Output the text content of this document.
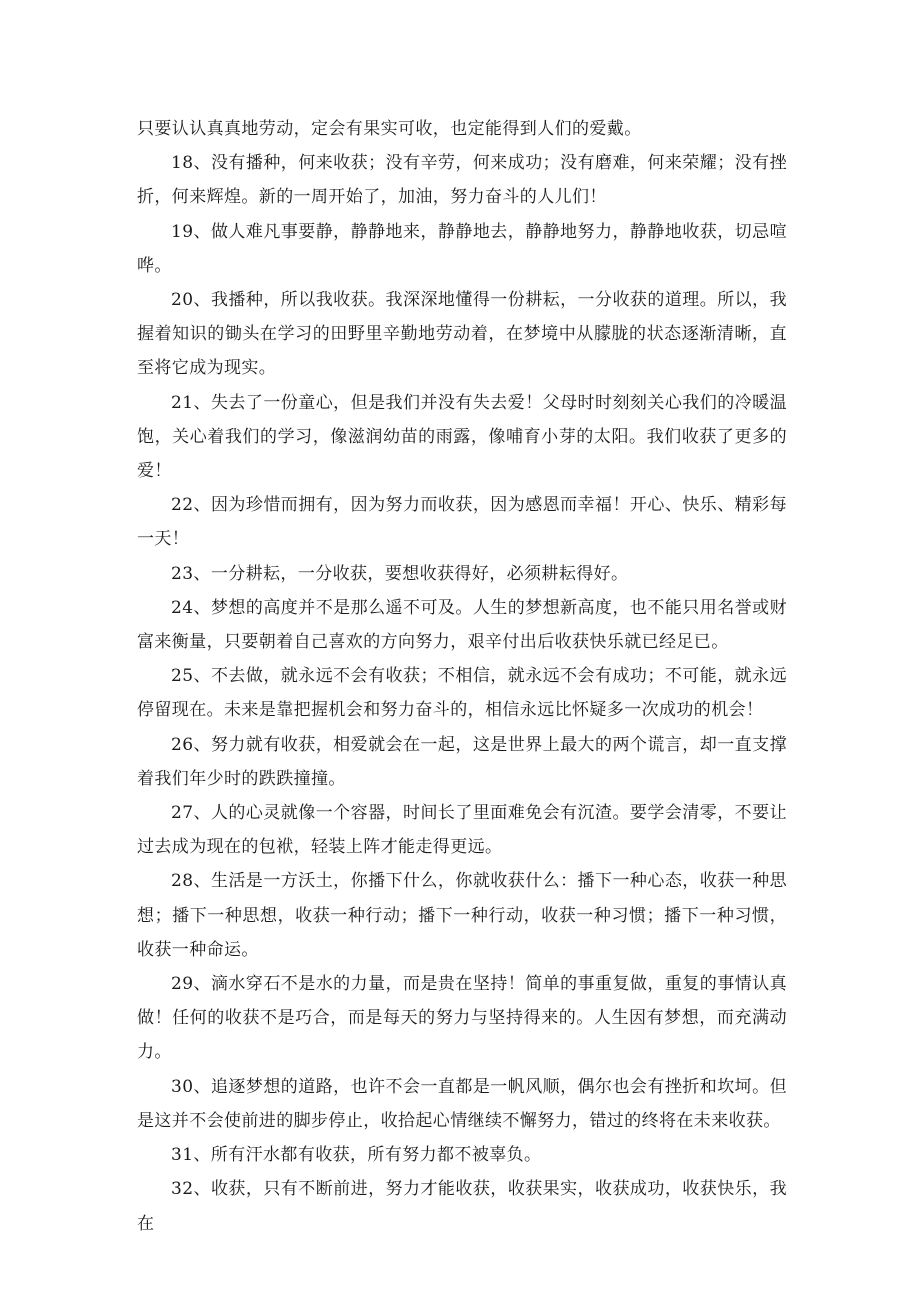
只要认认真真地劳动，定会有果实可收，也定能得到人们的爱戴。

18、没有播种，何来收获；没有辛劳，何来成功；没有磨难，何来荣耀；没有挫折，何来辉煌。新的一周开始了，加油，努力奋斗的人儿们！

19、做人难凡事要静，静静地来，静静地去，静静地努力，静静地收获，切忌喧哗。

20、我播种，所以我收获。我深深地懂得一份耕耘，一分收获的道理。所以，我握着知识的锄头在学习的田野里辛勤地劳动着，在梦境中从朦胧的状态逐渐清晰，直至将它成为现实。

21、失去了一份童心，但是我们并没有失去爱！父母时时刻刻关心我们的冷暖温饱，关心着我们的学习，像滋润幼苗的雨露，像哺育小芽的太阳。我们收获了更多的爱！

22、因为珍惜而拥有，因为努力而收获，因为感恩而幸福！开心、快乐、精彩每一天！

23、一分耕耘，一分收获，要想收获得好，必须耕耘得好。

24、梦想的高度并不是那么遥不可及。人生的梦想新高度，也不能只用名誉或财富来衡量，只要朝着自己喜欢的方向努力，艰辛付出后收获快乐就已经足已。

25、不去做，就永远不会有收获；不相信，就永远不会有成功；不可能，就永远停留现在。未来是靠把握机会和努力奋斗的，相信永远比怀疑多一次成功的机会！

26、努力就有收获，相爱就会在一起，这是世界上最大的两个谎言，却一直支撑着我们年少时的跌跌撞撞。

27、人的心灵就像一个容器，时间长了里面难免会有沉渣。要学会清零，不要让过去成为现在的包袱，轻装上阵才能走得更远。

28、生活是一方沃土，你播下什么，你就收获什么：播下一种心态，收获一种思想；播下一种思想，收获一种行动；播下一种行动，收获一种习惯；播下一种习惯，收获一种命运。

29、滴水穿石不是水的力量，而是贵在坚持！简单的事重复做，重复的事情认真做！任何的收获不是巧合，而是每天的努力与坚持得来的。人生因有梦想，而充满动力。

30、追逐梦想的道路，也许不会一直都是一帆风顺，偶尔也会有挫折和坎坷。但是这并不会使前进的脚步停止，收拾起心情继续不懈努力，错过的终将在未来收获。

31、所有汗水都有收获，所有努力都不被辜负。

32、收获，只有不断前进，努力才能收获，收获果实，收获成功，收获快乐，我在
